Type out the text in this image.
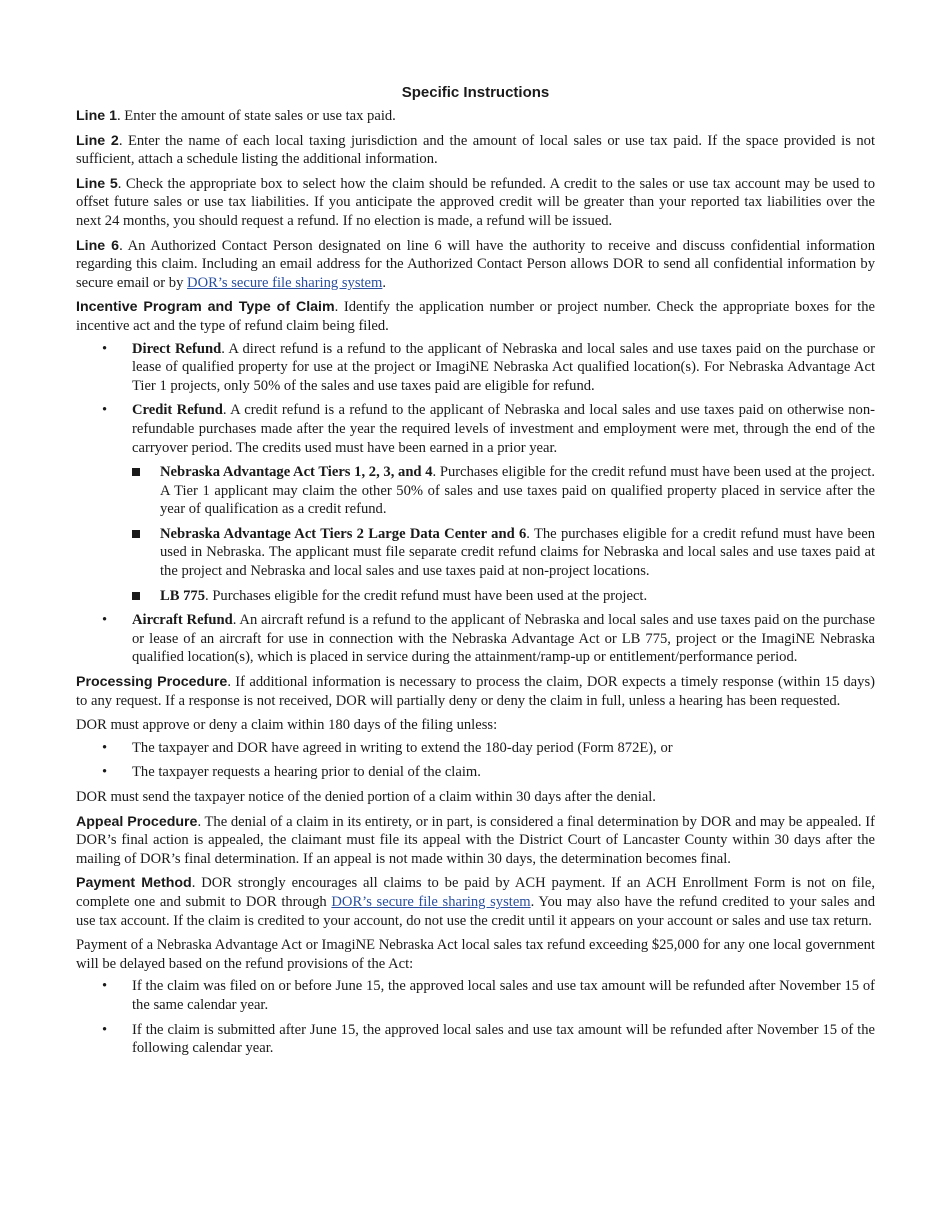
Specific Instructions

Line 1. Enter the amount of state sales or use tax paid.

Line 2. Enter the name of each local taxing jurisdiction and the amount of local sales or use tax paid. If the space provided is not sufficient, attach a schedule listing the additional information.

Line 5. Check the appropriate box to select how the claim should be refunded. A credit to the sales or use tax account may be used to offset future sales or use tax liabilities. If you anticipate the approved credit will be greater than your reported tax liabilities over the next 24 months, you should request a refund. If no election is made, a refund will be issued.

Line 6. An Authorized Contact Person designated on line 6 will have the authority to receive and discuss confidential information regarding this claim. Including an email address for the Authorized Contact Person allows DOR to send all confidential information by secure email or by DOR’s secure file sharing system.

Incentive Program and Type of Claim. Identify the application number or project number. Check the appropriate boxes for the incentive act and the type of refund claim being filed.

• Direct Refund. A direct refund is a refund to the applicant of Nebraska and local sales and use taxes paid on the purchase or lease of qualified property for use at the project or ImagiNE Nebraska Act qualified location(s). For Nebraska Advantage Act Tier 1 projects, only 50% of the sales and use taxes paid are eligible for refund.
• Credit Refund. A credit refund is a refund to the applicant of Nebraska and local sales and use taxes paid on otherwise non-refundable purchases made after the year the required levels of investment and employment were met, through the end of the carryover period. The credits used must have been earned in a prior year.
Nebraska Advantage Act Tiers 1, 2, 3, and 4. Purchases eligible for the credit refund must have been used at the project. A Tier 1 applicant may claim the other 50% of sales and use taxes paid on qualified property placed in service after the year of qualification as a credit refund.
Nebraska Advantage Act Tiers 2 Large Data Center and 6. The purchases eligible for a credit refund must have been used in Nebraska. The applicant must file separate credit refund claims for Nebraska and local sales and use taxes paid at the project and Nebraska and local sales and use taxes paid at non-project locations.
LB 775. Purchases eligible for the credit refund must have been used at the project.
• Aircraft Refund. An aircraft refund is a refund to the applicant of Nebraska and local sales and use taxes paid on the purchase or lease of an aircraft for use in connection with the Nebraska Advantage Act or LB 775, project or the ImagiNE Nebraska qualified location(s), which is placed in service during the attainment/ramp-up or entitlement/performance period.

Processing Procedure. If additional information is necessary to process the claim, DOR expects a timely response (within 15 days) to any request. If a response is not received, DOR will partially deny or deny the claim in full, unless a hearing has been requested.

DOR must approve or deny a claim within 180 days of the filing unless:

• The taxpayer and DOR have agreed in writing to extend the 180-day period (Form 872E), or
• The taxpayer requests a hearing prior to denial of the claim.

DOR must send the taxpayer notice of the denied portion of a claim within 30 days after the denial.

Appeal Procedure. The denial of a claim in its entirety, or in part, is considered a final determination by DOR and may be appealed. If DOR’s final action is appealed, the claimant must file its appeal with the District Court of Lancaster County within 30 days after the mailing of DOR’s final determination. If an appeal is not made within 30 days, the determination becomes final.

Payment Method. DOR strongly encourages all claims to be paid by ACH payment. If an ACH Enrollment Form is not on file, complete one and submit to DOR through DOR’s secure file sharing system. You may also have the refund credited to your sales and use tax account. If the claim is credited to your account, do not use the credit until it appears on your account or sales and use tax return.

Payment of a Nebraska Advantage Act or ImagiNE Nebraska Act local sales tax refund exceeding $25,000 for any one local government will be delayed based on the refund provisions of the Act:

• If the claim was filed on or before June 15, the approved local sales and use tax amount will be refunded after November 15 of the same calendar year.
• If the claim is submitted after June 15, the approved local sales and use tax amount will be refunded after November 15 of the following calendar year.
